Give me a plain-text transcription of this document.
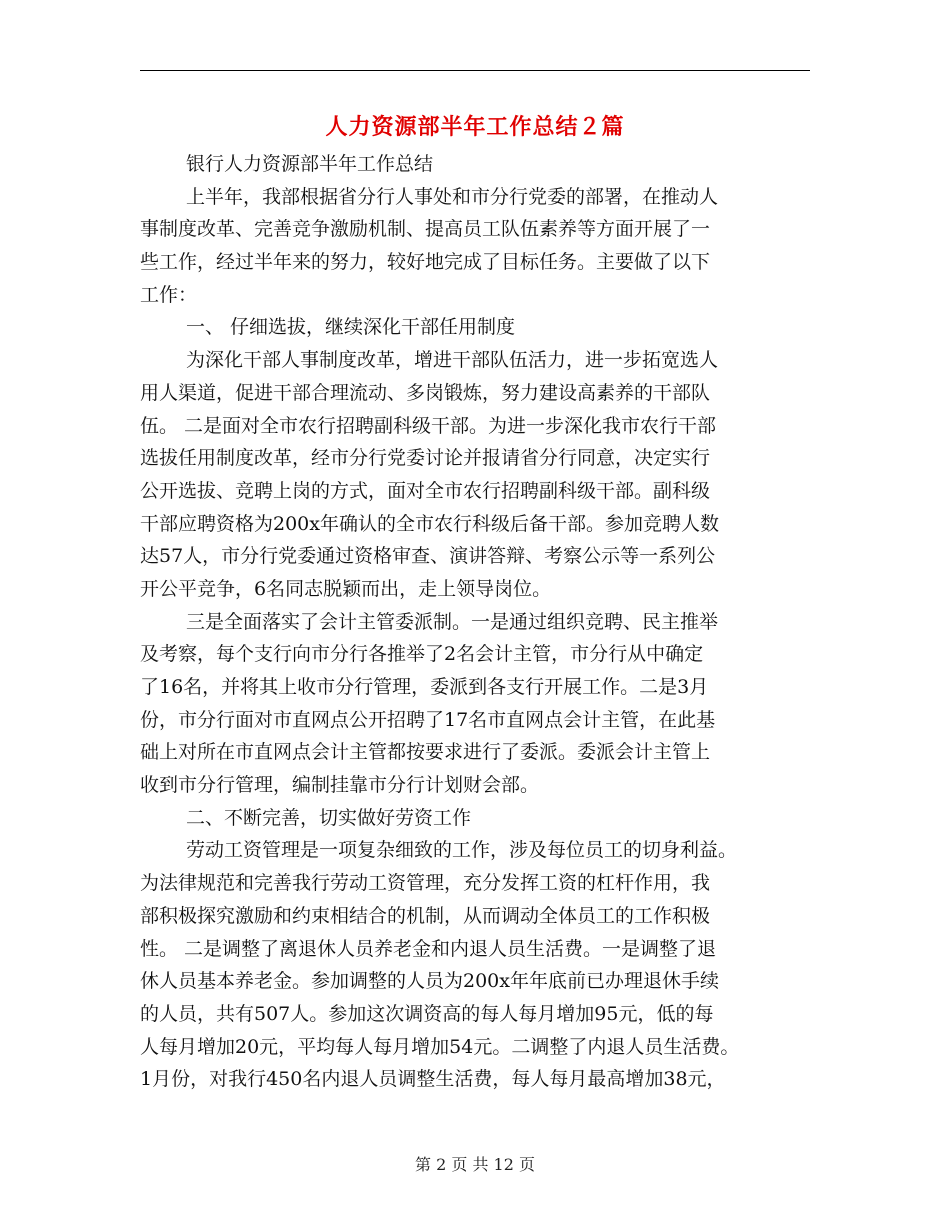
人力资源部半年工作总结２篇
银行人力资源部半年工作总结
上半年，我部根据省分行人事处和市分行党委的部署，在推动人
事制度改革、完善竞争激励机制、提高员工队伍素养等方面开展了一
些工作，经过半年来的努力，较好地完成了目标任务。主要做了以下
工作：
一、 仔细选拔，继续深化干部任用制度
为深化干部人事制度改革，增进干部队伍活力，进一步拓宽选人
用人渠道，促进干部合理流动、多岗锻炼，努力建设高素养的干部队
伍。 二是面对全市农行招聘副科级干部。为进一步深化我市农行干部
选拔任用制度改革，经市分行党委讨论并报请省分行同意，决定实行
公开选拔、竞聘上岗的方式，面对全市农行招聘副科级干部。副科级
干部应聘资格为200x年确认的全市农行科级后备干部。参加竞聘人数
达57人，市分行党委通过资格审查、演讲答辩、考察公示等一系列公
开公平竞争，6名同志脱颖而出，走上领导岗位。
三是全面落实了会计主管委派制。一是通过组织竞聘、民主推举
及考察，每个支行向市分行各推举了2名会计主管，市分行从中确定
了16名，并将其上收市分行管理，委派到各支行开展工作。二是3月
份，市分行面对市直网点公开招聘了17名市直网点会计主管，在此基
础上对所在市直网点会计主管都按要求进行了委派。委派会计主管上
收到市分行管理，编制挂靠市分行计划财会部。
二、不断完善，切实做好劳资工作
劳动工资管理是一项复杂细致的工作，涉及每位员工的切身利益。
为法律规范和完善我行劳动工资管理，充分发挥工资的杠杆作用，我
部积极探究激励和约束相结合的机制，从而调动全体员工的工作积极
性。 二是调整了离退休人员养老金和内退人员生活费。一是调整了退
休人员基本养老金。参加调整的人员为200x年年底前已办理退休手续
的人员，共有507人。参加这次调资高的每人每月增加95元，低的每
人每月增加20元，平均每人每月增加54元。二调整了内退人员生活费。
1月份，对我行450名内退人员调整生活费，每人每月最高增加38元，
第 2 页 共 12 页
